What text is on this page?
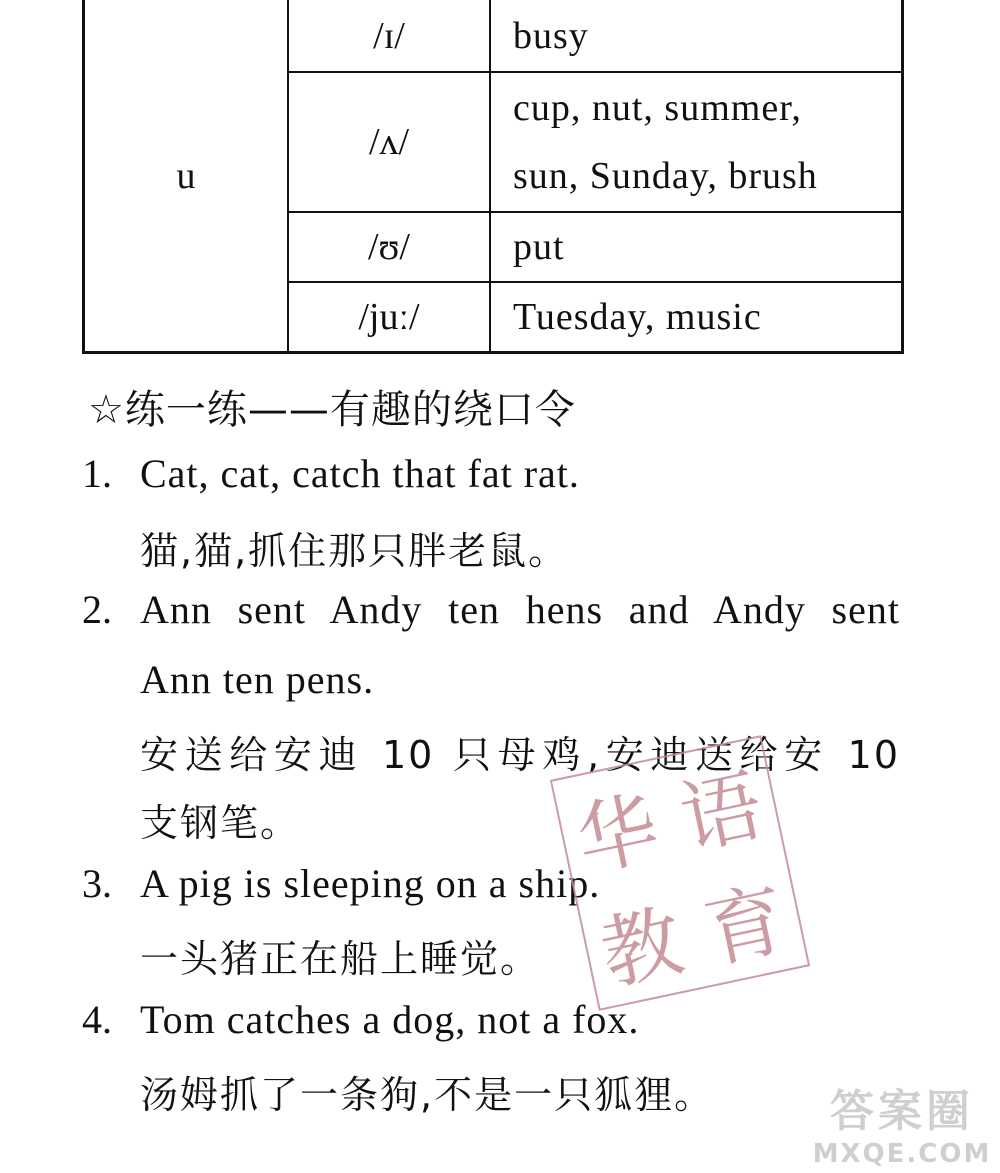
u	/ɪ/	busy

	/ʌ/	cup, nut, summer,
sun, Sunday, brush

	/ʊ/	put

	/juː/	Tuesday, music
☆练一练——有趣的绕口令
1. Cat, cat, catch that fat rat.
猫,猫,抓住那只胖老鼠。
2. Ann sent Andy ten hens and Andy sent
Ann ten pens.
安送给安迪 10 只母鸡,安迪送给安 10
支钢笔。
3. A pig is sleeping on a ship.
一头猪正在船上睡觉。
4. Tom catches a dog, not a fox.
汤姆抓了一条狗,不是一只狐狸。
华 语
教 育
答案圈
MXQE.COM
